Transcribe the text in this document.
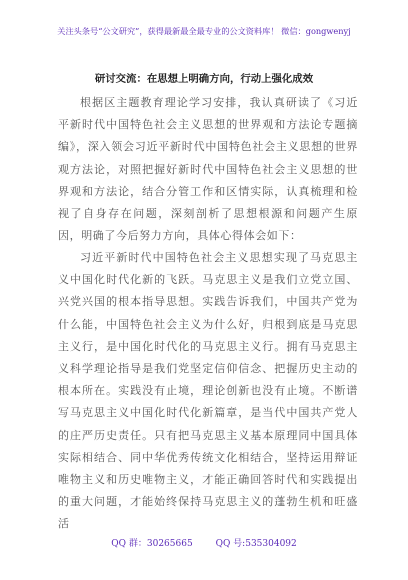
关注头条号“公文研究”，获得最新最全最专业的公文资料库！ 微信：gongwenyj
研讨交流：在思想上明确方向，行动上强化成效

根据区主题教育理论学习安排，我认真研读了《习近平新时代中国特色社会主义思想的世界观和方法论专题摘编》，深入领会习近平新时代中国特色社会主义思想的世界观方法论，对照把握好新时代中国特色社会主义思想的世界观和方法论，结合分管工作和区情实际，认真梳理和检视了自身存在问题，深刻剖析了思想根源和问题产生原因，明确了今后努力方向，具体心得体会如下：

习近平新时代中国特色社会主义思想实现了马克思主义中国化时代化新的飞跃。马克思主义是我们立党立国、兴党兴国的根本指导思想。实践告诉我们，中国共产党为什么能，中国特色社会主义为什么好，归根到底是马克思主义行，是中国化时代化的马克思主义行。拥有马克思主义科学理论指导是我们党坚定信仰信念、把握历史主动的根本所在。实践没有止境，理论创新也没有止境。不断谱写马克思主义中国化时代化新篇章，是当代中国共产党人的庄严历史责任。只有把马克思主义基本原理同中国具体实际相结合、同中华优秀传统文化相结合，坚持运用辩证唯物主义和历史唯物主义，才能正确回答时代和实践提出的重大问题，才能始终保持马克思主义的蓬勃生机和旺盛活

QQ 群：30265665	QQ 号:535304092
